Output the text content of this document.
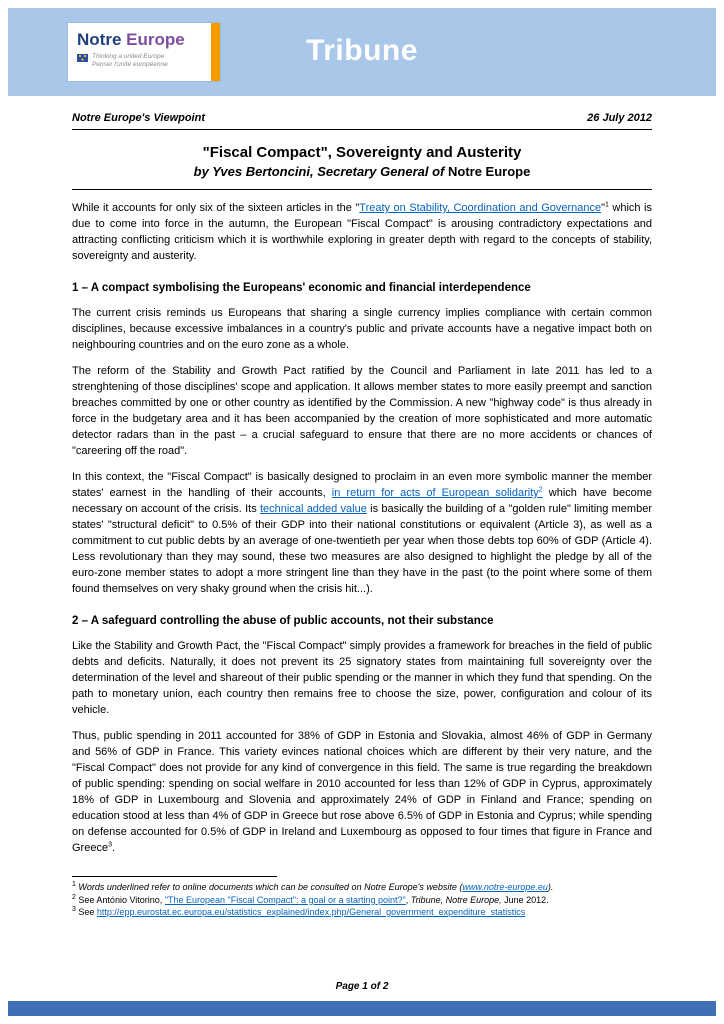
Notre Europe
Thinking a united Europe
Penser l'unité européenne	Tribune
Notre Europe's Viewpoint	26 July 2012
"Fiscal Compact", Sovereignty and Austerity
by Yves Bertoncini, Secretary General of Notre Europe

While it accounts for only six of the sixteen articles in the "Treaty on Stability, Coordination and Governance"$^1$ which is due to come into force in the autumn, the European "Fiscal Compact" is arousing contradictory expectations and attracting conflicting criticism which it is worthwhile exploring in greater depth with regard to the concepts of stability, sovereignty and austerity.

1 – A compact symbolising the Europeans' economic and financial interdependence

The current crisis reminds us Europeans that sharing a single currency implies compliance with certain common disciplines, because excessive imbalances in a country's public and private accounts have a negative impact both on neighbouring countries and on the euro zone as a whole.

The reform of the Stability and Growth Pact ratified by the Council and Parliament in late 2011 has led to a strenghtening of those disciplines' scope and application. It allows member states to more easily preempt and sanction breaches committed by one or other country as identified by the Commission. A new "highway code" is thus already in force in the budgetary area and it has been accompanied by the creation of more sophisticated and more automatic detector radars than in the past – a crucial safeguard to ensure that there are no more accidents or chances of "careering off the road".

In this context, the "Fiscal Compact" is basically designed to proclaim in an even more symbolic manner the member states' earnest in the handling of their accounts, in return for acts of European solidarity$^2$ which have become necessary on account of the crisis. Its technical added value is basically the building of a "golden rule" limiting member states' "structural deficit" to 0.5% of their GDP into their national constitutions or equivalent (Article 3), as well as a commitment to cut public debts by an average of one-twentieth per year when those debts top 60% of GDP (Article 4). Less revolutionary than they may sound, these two measures are also designed to highlight the pledge by all of the euro-zone member states to adopt a more stringent line than they have in the past (to the point where some of them found themselves on very shaky ground when the crisis hit...).

2 – A safeguard controlling the abuse of public accounts, not their substance

Like the Stability and Growth Pact, the "Fiscal Compact" simply provides a framework for breaches in the field of public debts and deficits. Naturally, it does not prevent its 25 signatory states from maintaining full sovereignty over the determination of the level and shareout of their public spending or the manner in which they fund that spending. On the path to monetary union, each country then remains free to choose the size, power, configuration and colour of its vehicle.

Thus, public spending in 2011 accounted for 38% of GDP in Estonia and Slovakia, almost 46% of GDP in Germany and 56% of GDP in France. This variety evinces national choices which are different by their very nature, and the "Fiscal Compact" does not provide for any kind of convergence in this field. The same is true regarding the breakdown of public spending: spending on social welfare in 2010 accounted for less than 12% of GDP in Cyprus, approximately 18% of GDP in Luxembourg and Slovenia and approximately 24% of GDP in Finland and France; spending on education stood at less than 4% of GDP in Greece but rose above 6.5% of GDP in Estonia and Cyprus; while spending on defense accounted for 0.5% of GDP in Ireland and Luxembourg as opposed to four times that figure in France and Greece$^3$.

$^1$ Words underlined refer to online documents which can be consulted on Notre Europe's website (www.notre-europe.eu).
$^2$ See António Vitorino, "The European "Fiscal Compact": a goal or a starting point?", Tribune, Notre Europe, June 2012.
$^3$ See http://epp.eurostat.ec.europa.eu/statistics_explained/index.php/General_government_expenditure_statistics
Page 1 of 2
